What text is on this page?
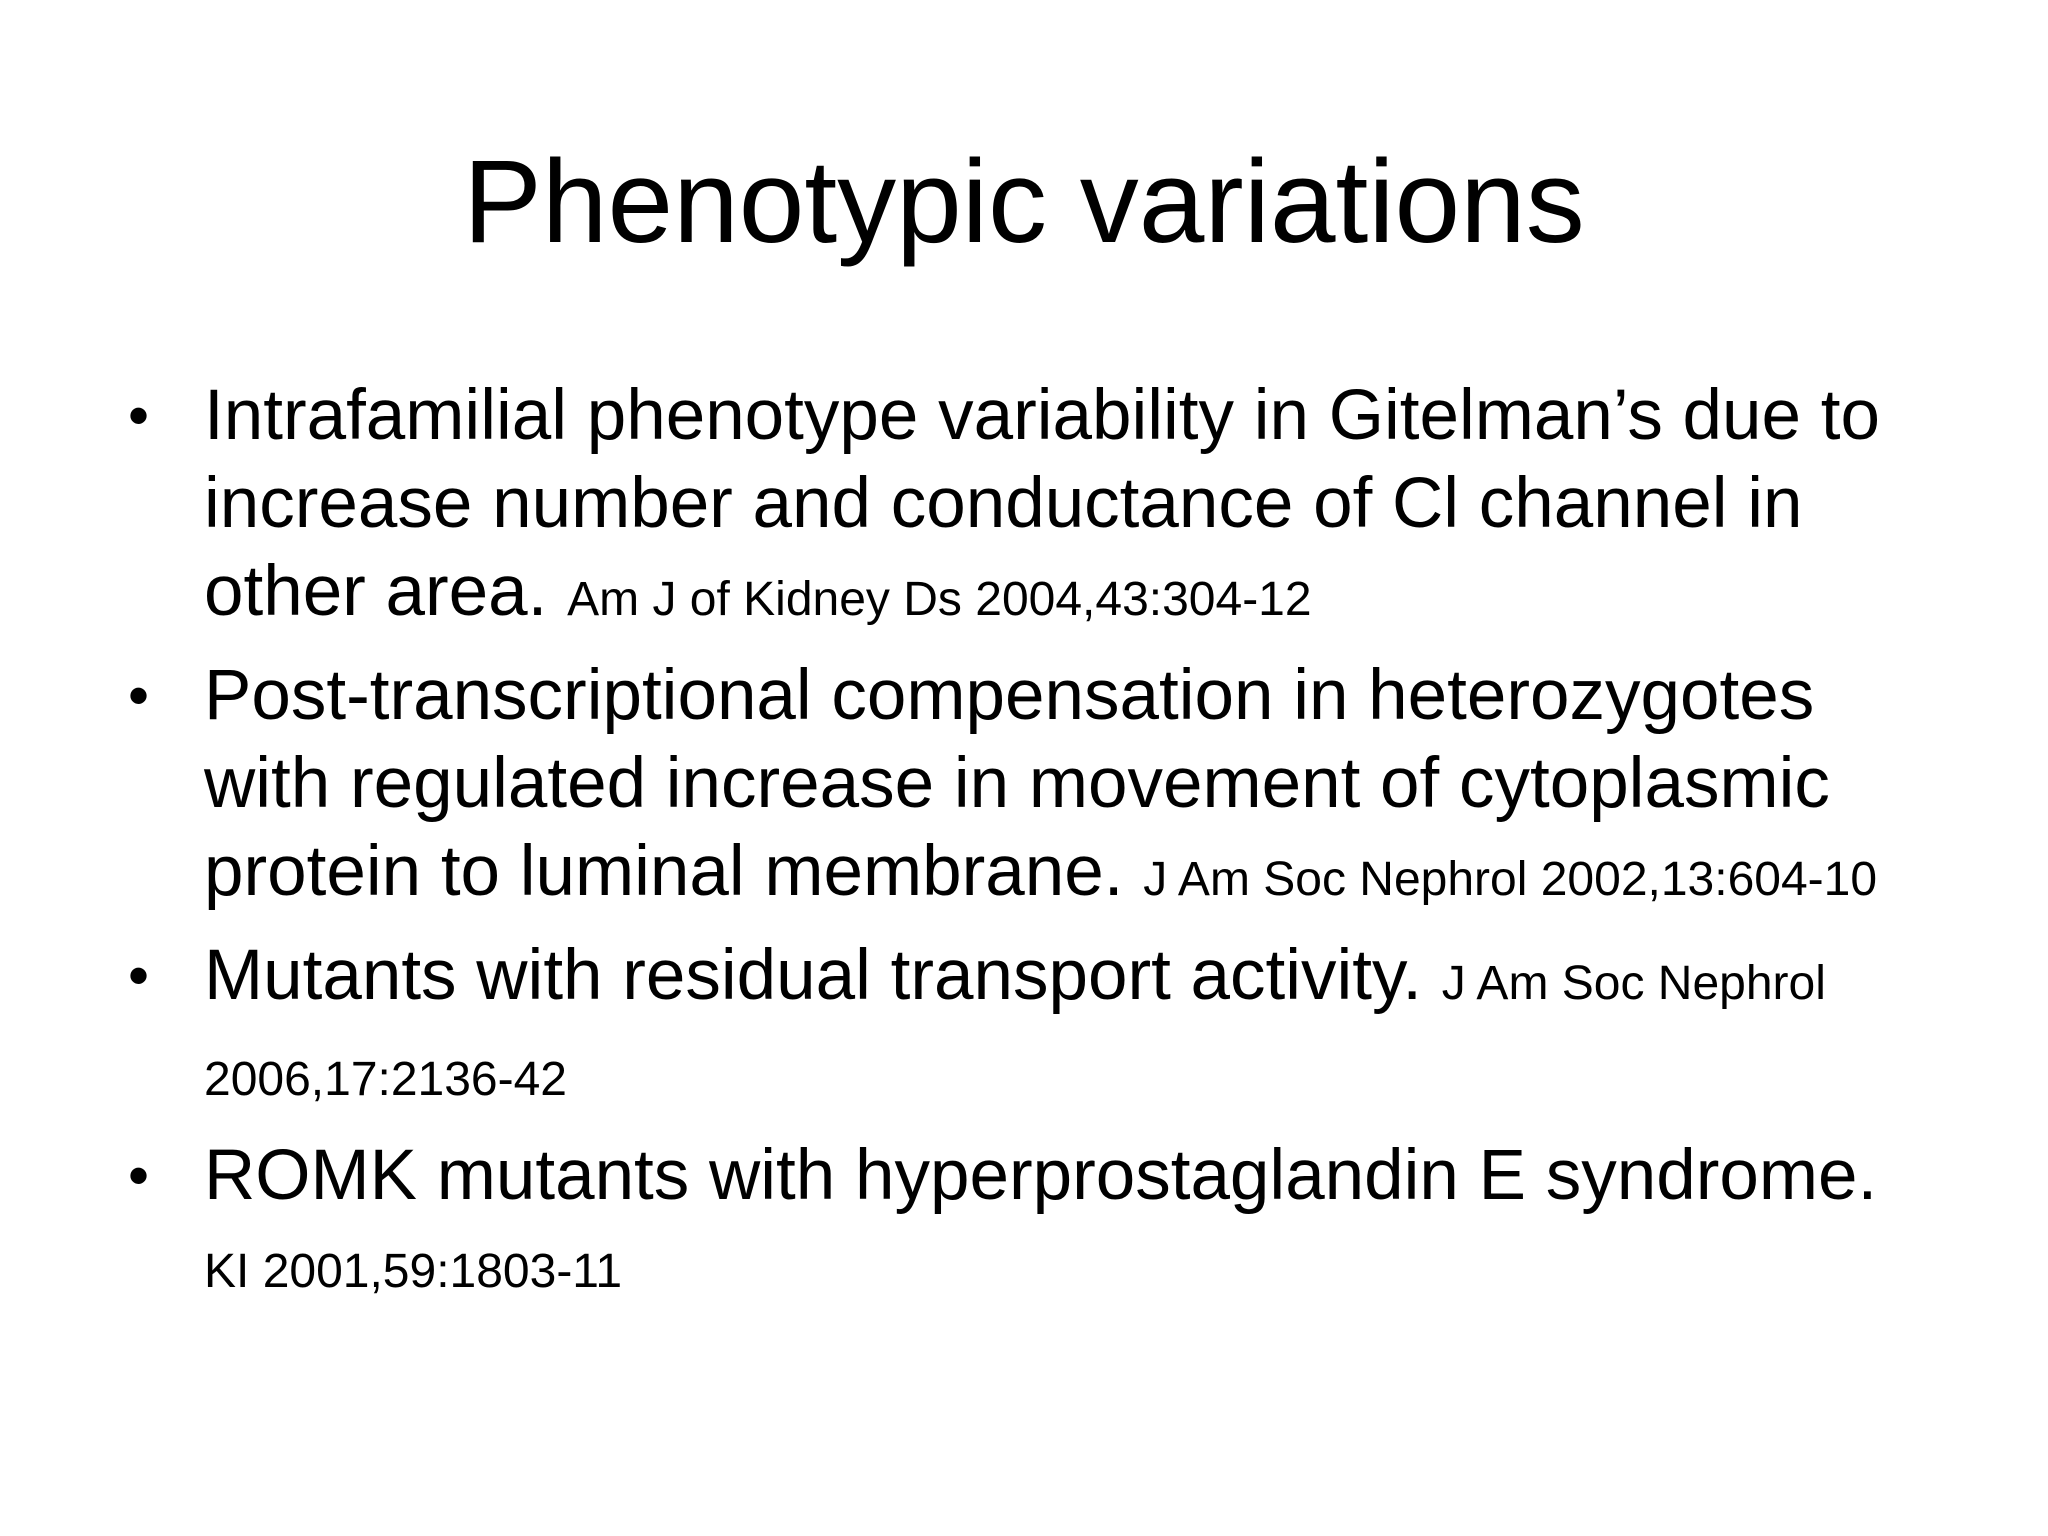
Phenotypic variations
• Intrafamilial phenotype variability in Gitelman’s due to increase number and conductance of Cl channel in other area. Am J of Kidney Ds 2004,43:304-12
• Post-transcriptional compensation in heterozygotes with regulated increase in movement of cytoplasmic protein to luminal membrane. J Am Soc Nephrol 2002,13:604-10
• Mutants with residual transport activity. J Am Soc Nephrol 2006,17:2136-42
• ROMK mutants with hyperprostaglandin E syndrome. KI 2001,59:1803-11
